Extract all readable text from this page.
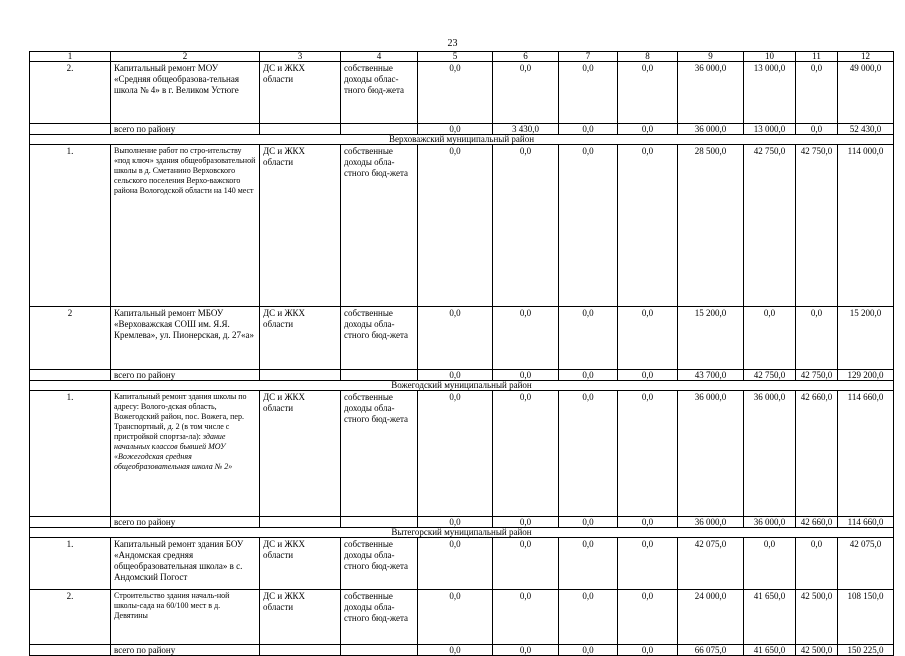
23
1	2	3	4	5	6	7	8	9	10	11	12
2.	Капитальный ремонт МОУ «Средняя общеобразова-тельная школа № 4» в г. Великом Устюге	ДС и ЖКХ области	собственные доходы облас-тного бюд-жета	0,0	0,0	0,0	0,0	36 000,0	13 000,0	0,0	49 000,0
	всего по району			0,0	3 430,0	0,0	0,0	36 000,0	13 000,0	0,0	52 430,0
Верховажский муниципальный район											
1.	Выполнение работ по стро-ительству «под ключ» здания общеобразовательной школы в д. Сметанино Верховского сельского поселения Верхо-важского района Вологодской области на 140 мест	ДС и ЖКХ области	собственные доходы обла-стного бюд-жета	0,0	0,0	0,0	0,0	28 500,0	42 750,0	42 750,0	114 000,0
2	Капитальный ремонт МБОУ «Верховажская СОШ им. Я.Я. Кремлева», ул. Пионерская, д. 27«а»	ДС и ЖКХ области	собственные доходы обла-стного бюд-жета	0,0	0,0	0,0	0,0	15 200,0	0,0	0,0	15 200,0
	всего по району			0,0	0,0	0,0	0,0	43 700,0	42 750,0	42 750,0	129 200,0
Вожегодский муниципальный район											
1.	Капитальный ремонт здания школы по адресу: Волого-дская область, Вожегодский район, пос. Вожега, пер. Транспортный, д. 2 (в том числе с пристройкой спортза-ла): здание начальных классов бывшей МОУ «Вожегодская средняя общеобразовательная школа № 2»	ДС и ЖКХ области	собственные доходы обла-стного бюд-жета	0,0	0,0	0,0	0,0	36 000,0	36 000,0	42 660,0	114 660,0
	всего по району			0,0	0,0	0,0	0,0	36 000,0	36 000,0	42 660,0	114 660,0
Вытегорский муниципальный район											
1.	Капитальный ремонт здания БОУ «Андомская средняя общеобразовательная школа» в с. Андомский Погост	ДС и ЖКХ области	собственные доходы обла-стного бюд-жета	0,0	0,0	0,0	0,0	42 075,0	0,0	0,0	42 075,0
2.	Строительство здания началь-ной школы-сада на 60/100 мест в д. Девятины	ДС и ЖКХ области	собственные доходы обла-стного бюд-жета	0,0	0,0	0,0	0,0	24 000,0	41 650,0	42 500,0	108 150,0
	всего по району			0,0	0,0	0,0	0,0	66 075,0	41 650,0	42 500,0	150 225,0
